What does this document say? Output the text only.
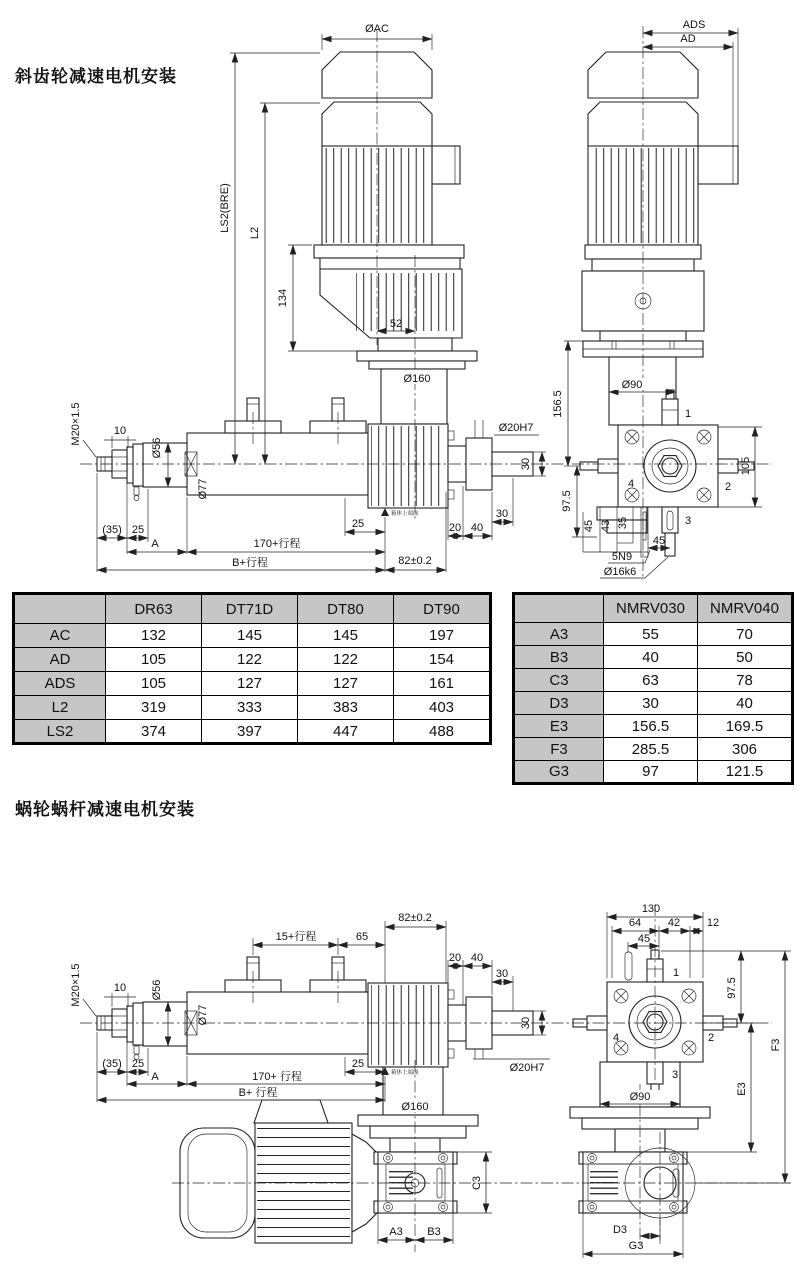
斜齿轮减速电机安装
ØAC	ADS
AD
LS2(BRE)
L2
134
52
Ø160
M20×1.5	10
Ø56
Ø77
(35) 25
A	170+行程
B+行程
25
箱体上端面
82±0.2
20 40
30
30
Ø20H7
Ø90
156.5
97.5
45 43 35
45
5N9
Ø16k6
105
1
2
3
4
	DR63	DT71D	DT80	DT90
AC	132	145	145	197
AD	105	122	122	154
ADS	105	127	127	161
L2	319	333	383	403
LS2	374	397	447	488
	NMRV030	NMRV040
A3	55	70
B3	40	50
C3	63	78
D3	30	40
E3	156.5	169.5
F3	285.5	306
G3	97	121.5
蜗轮蜗杆减速电机安装
82±0.2
15+行程	65
20 40
30
30
Ø20H7
M20×1.5	10 Ø56
Ø77
(35) 25
A	170+ 行程
B+ 行程
25
箱体上端面
Ø160
C3
A3 B3
130
64 42 12
45
97.5
E3
F3
Ø90
D3
G3
1
2
3
4
